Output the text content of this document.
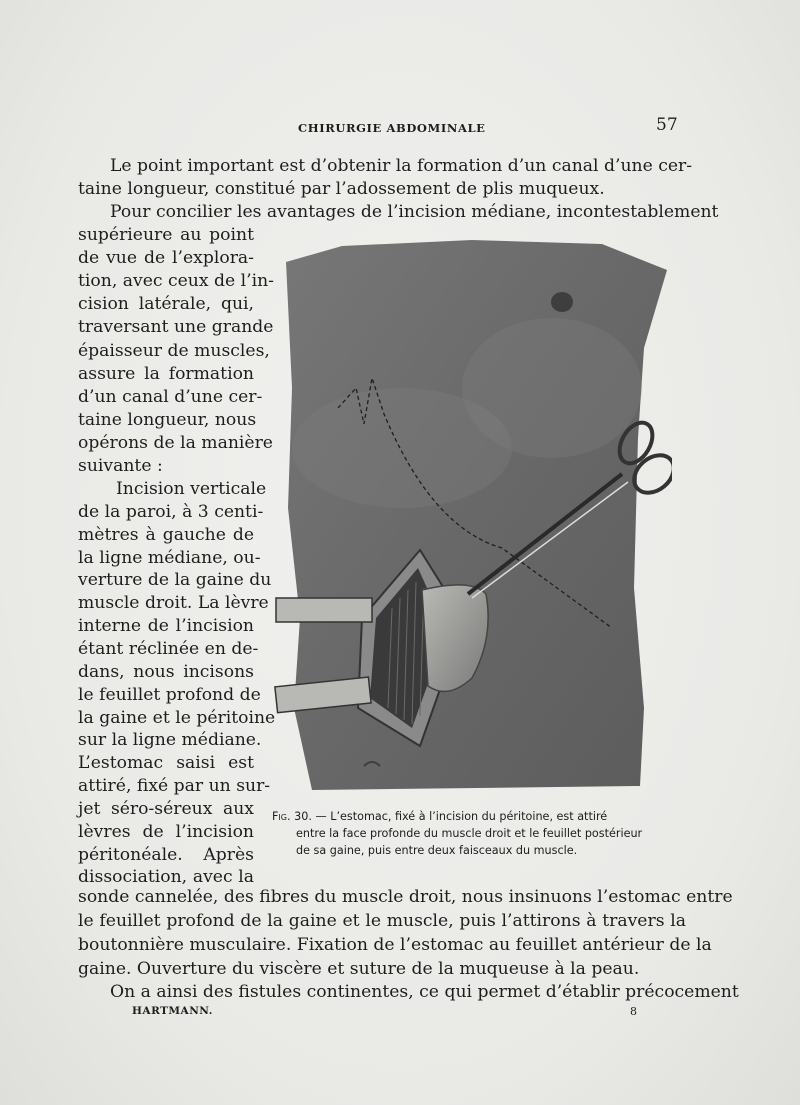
CHIRURGIE ABDOMINALE	57
Le point important est d’obtenir la formation d’un canal d’une cer-
taine longueur, constitué par l’adossement de plis muqueux.
Pour concilier les avantages de l’incision médiane, incontestablement
supérieure au point
de vue de l’explora-
tion, avec ceux de l’in-
cision latérale, qui,
traversant une grande
épaisseur de muscles,
assure la formation
d’un canal d’une cer-
taine longueur, nous
opérons de la manière
suivante :
Incision verticale
de la paroi, à 3 centi-
mètres à gauche de
la ligne médiane, ou-
verture de la gaine du
muscle droit. La lèvre
interne de l’incision
étant réclinée en de-
dans, nous incisons
le feuillet profond de
la gaine et le péritoine
sur la ligne médiane.
L’estomac saisi est
attiré, fixé par un sur-
jet séro-séreux aux
lèvres de l’incision
péritonéale. Après
dissociation, avec la
sonde cannelée, des fibres du muscle droit, nous insinuons l’estomac entre
le feuillet profond de la gaine et le muscle, puis l’attirons à travers la
boutonnière musculaire. Fixation de l’estomac au feuillet antérieur de la
gaine. Ouverture du viscère et suture de la muqueuse à la peau.
On a ainsi des fistules continentes, ce qui permet d’établir précocement
Fig. 30. — L’estomac, fixé à l’incision du péritoine, est attiré
entre la face profonde du muscle droit et le feuillet postérieur
de sa gaine, puis entre deux faisceaux du muscle.
HARTMANN.	8
